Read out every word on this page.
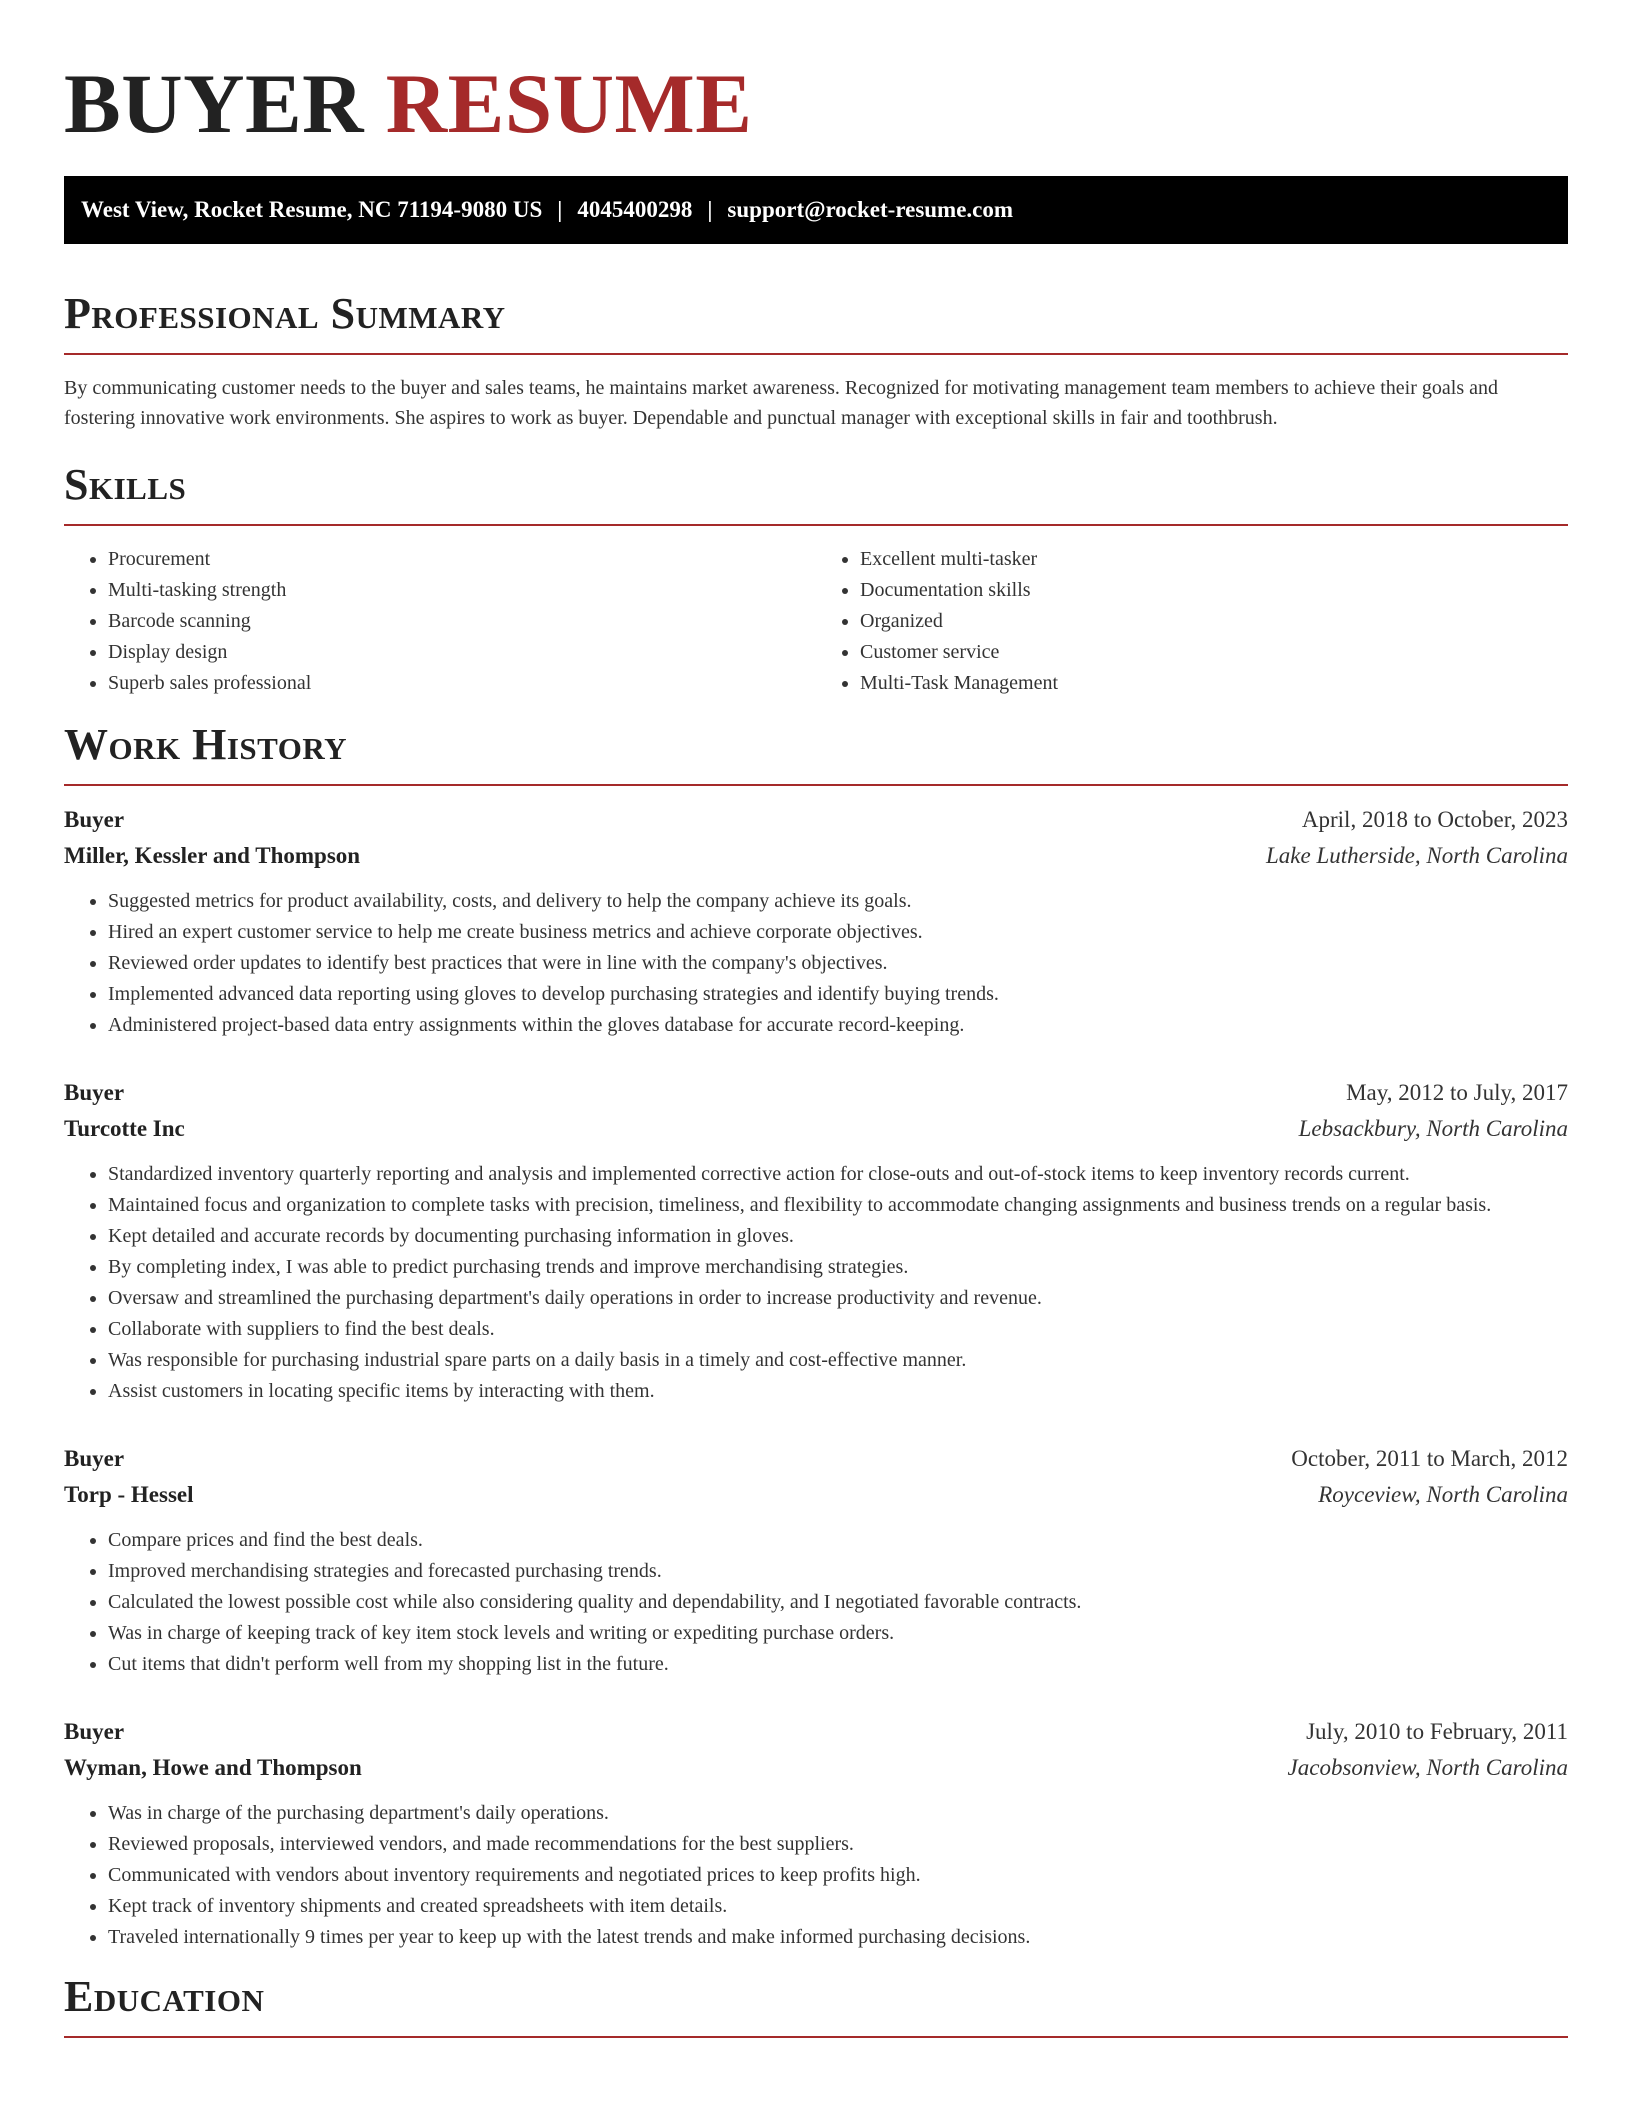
BUYER RESUME
West View, Rocket Resume, NC 71194-9080 US | 4045400298 | support@rocket-resume.com
Professional Summary

By communicating customer needs to the buyer and sales teams, he maintains market awareness. Recognized for motivating management team members to achieve their goals and fostering innovative work environments. She aspires to work as buyer. Dependable and punctual manager with exceptional skills in fair and toothbrush.

Skills
• Procurement
• Multi-tasking strength
• Barcode scanning
• Display design
• Superb sales professional
• Excellent multi-tasker
• Documentation skills
• Organized
• Customer service
• Multi-Task Management
Work History
Buyer	April, 2018 to October, 2023
Miller, Kessler and Thompson	Lake Lutherside, North Carolina
• Suggested metrics for product availability, costs, and delivery to help the company achieve its goals.
• Hired an expert customer service to help me create business metrics and achieve corporate objectives.
• Reviewed order updates to identify best practices that were in line with the company's objectives.
• Implemented advanced data reporting using gloves to develop purchasing strategies and identify buying trends.
• Administered project-based data entry assignments within the gloves database for accurate record-keeping.
Buyer	May, 2012 to July, 2017
Turcotte Inc	Lebsackbury, North Carolina
• Standardized inventory quarterly reporting and analysis and implemented corrective action for close-outs and out-of-stock items to keep inventory records current.
• Maintained focus and organization to complete tasks with precision, timeliness, and flexibility to accommodate changing assignments and business trends on a regular basis.
• Kept detailed and accurate records by documenting purchasing information in gloves.
• By completing index, I was able to predict purchasing trends and improve merchandising strategies.
• Oversaw and streamlined the purchasing department's daily operations in order to increase productivity and revenue.
• Collaborate with suppliers to find the best deals.
• Was responsible for purchasing industrial spare parts on a daily basis in a timely and cost-effective manner.
• Assist customers in locating specific items by interacting with them.
Buyer	October, 2011 to March, 2012
Torp - Hessel	Royceview, North Carolina
• Compare prices and find the best deals.
• Improved merchandising strategies and forecasted purchasing trends.
• Calculated the lowest possible cost while also considering quality and dependability, and I negotiated favorable contracts.
• Was in charge of keeping track of key item stock levels and writing or expediting purchase orders.
• Cut items that didn't perform well from my shopping list in the future.
Buyer	July, 2010 to February, 2011
Wyman, Howe and Thompson	Jacobsonview, North Carolina
• Was in charge of the purchasing department's daily operations.
• Reviewed proposals, interviewed vendors, and made recommendations for the best suppliers.
• Communicated with vendors about inventory requirements and negotiated prices to keep profits high.
• Kept track of inventory shipments and created spreadsheets with item details.
• Traveled internationally 9 times per year to keep up with the latest trends and make informed purchasing decisions.
Education
